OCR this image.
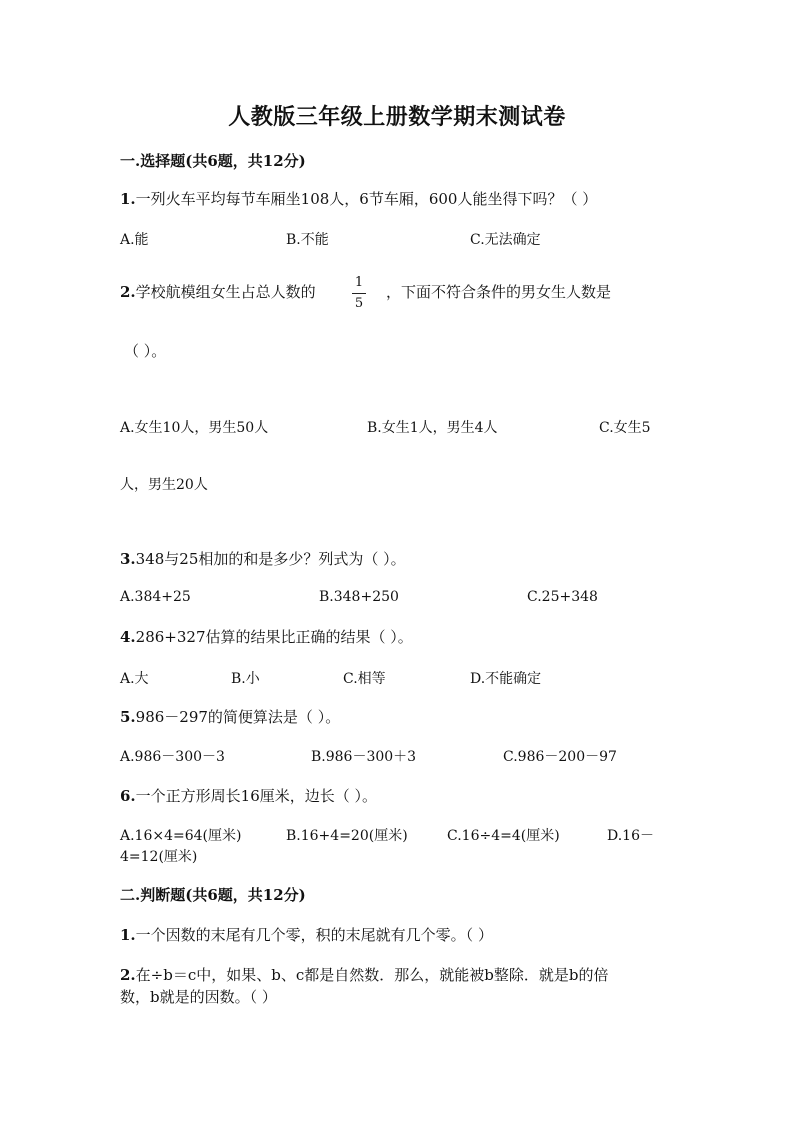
人教版三年级上册数学期末测试卷
一.选择题(共6题，共12分)
1.一列火车平均每节车厢坐108人，6节车厢，600人能坐得下吗？（ ）
A.能	B.不能	C.无法确定
2.学校航模组女生占总人数的
1
5
，下面不符合条件的男女生人数是
（ ）。
A.女生10人，男生50人	B.女生1人，男生4人	C.女生5
人，男生20人
3.348与25相加的和是多少？列式为（ ）。
A.384+25	B.348+250	C.25+348
4.286+327估算的结果比正确的结果（ ）。
A.大	B.小	C.相等	D.不能确定
5.986－297的简便算法是（ ）。
A.986－300－3	B.986－300＋3	C.986－200－97
6.一个正方形周长16厘米，边长（ ）。
A.16×4=64(厘米)	B.16+4=20(厘米)	C.16÷4=4(厘米)	D.16－
4=12(厘米)
二.判断题(共6题，共12分)
1.一个因数的末尾有几个零，积的末尾就有几个零。（ ）
2.在÷b＝c中，如果、b、c都是自然数．那么，就能被b整除．就是b的倍
数，b就是的因数。（ ）
